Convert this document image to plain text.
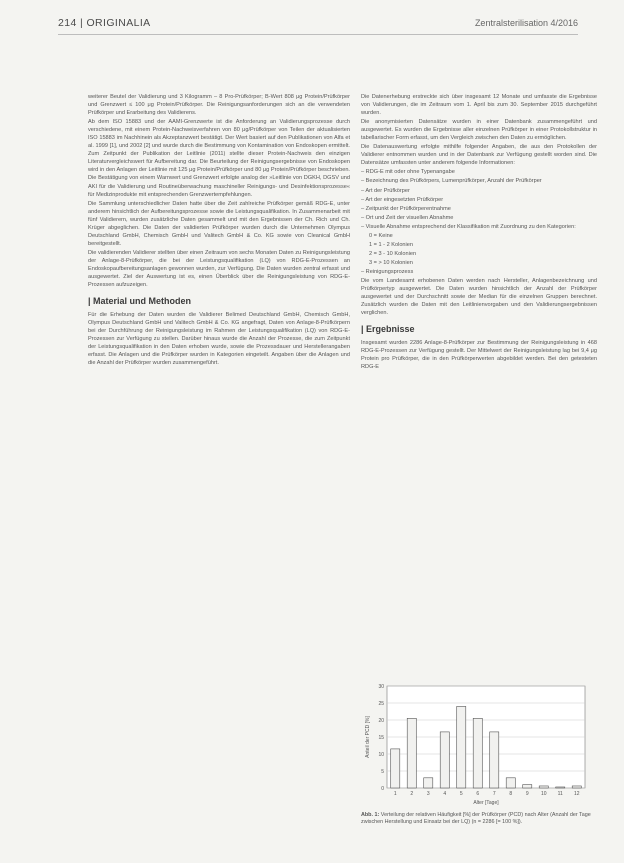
214 | ORIGINALIA	Zentralsterilisation 4/2016

weiterer Beutel der Validierung und 3 Kilogramm – 8 Pro-Prüfkörper; B-Wert 808 μg Protein/Prüfkörper und Grenzwert ≤ 100 μg Protein/Prüfkörper. Die Reinigungsanforderungen sich an die verwendeten Prüfkörper und Erarbeitung des Validierens.

Ab dem ISO 15883 und der AAMI-Grenzwerte ist die Anforderung an Validierungsprozesse durch verschiedene, mit einem Protein-Nachweisverfahren von 80 μg/Prüfkörper von Teilen der aktualisierten ISO 15883 im Nachhinein als Akzeptanzwert bestätigt. Der Wert basiert auf den Publikationen von Alfa et al. 1999 [1], und 2002 [2] und wurde durch die Bestimmung von Kontamination von Endoskopen ermittelt. Zum Zeitpunkt der Publikation der Leitlinie (2011) stellte dieser Protein-Nachweis den einzigen Literaturvergleichswert für Aufbereitung dar. Die Beurteilung der Reinigungsergebnisse von Endoskopen wird in den Anlagen der Leitlinie mit 125 μg Protein/Prüfkörper und 80 μg Protein/Prüfkörper beschrieben. Die Bestätigung von einem Warnwert und Grenzwert erfolgte analog der »Leitlinie von DGKH, DGSV und AKI für die Validierung und Routineüberwachung maschineller Reinigungs- und Desinfektionsprozesse« für Medizinprodukte mit entsprechenden Grenzwertempfehlungen.

Die Sammlung unterschiedlicher Daten hatte über die Zeit zahlreiche Prüfkörper gemäß RDG-E, unter anderem hinsichtlich der Aufbereitungsprozesse sowie die Leistungsqualifikation. In Zusammenarbeit mit fünf Validierern, wurden zusätzliche Daten gesammelt und mit den Ergebnissen der Ch. Rich und Ch. Krüger abgeglichen. Die Daten der validierten Prüfkörper wurden durch die Unternehmen Olympus Deutschland GmbH, Chemisch GmbH und Valitech GmbH & Co. KG sowie von Cleanical GmbH bereitgestellt.

Die validierenden Validierer stellten über einen Zeitraum von sechs Monaten Daten zu Reinigungsleistung der Anlage-8-Prüfkörper, die bei der Leistungsqualifikation (LQ) von RDG-E-Prozessen an Endoskopaufbereitungsanlagen gewonnen wurden, zur Verfügung. Die Daten wurden zentral erfasst und ausgewertet. Ziel der Auswertung ist es, einen Überblick über die Reinigungsleistung von RDG-E-Prozessen aufzuzeigen.

| Material und Methoden

Für die Erhebung der Daten wurden die Validierer Belimed Deutschland GmbH, Chemisch GmbH, Olympus Deutschland GmbH und Valitech GmbH & Co. KG angefragt, Daten von Anlage-8-Prüfkörpern bei der Durchführung der Reinigungsleistung im Rahmen der Leistungsqualifikation (LQ) von RDG-E-Prozessen zur Verfügung zu stellen. Darüber hinaus wurde die Anzahl der Prozesse, die zum Zeitpunkt der Leistungsqualifikation in den Daten erhoben wurde, sowie die Prozessdauer und Herstellerangaben erfasst. Die Anlagen und die Prüfkörper wurden in Kategorien eingeteilt. Angaben über die Anlagen und die Anzahl der Prüfkörper wurden zusammengeführt.

Die Datenerhebung erstreckte sich über insgesamt 12 Monate und umfasste die Ergebnisse von Validierungen, die im Zeitraum vom 1. April bis zum 30. September 2015 durchgeführt wurden.

Die anonymisierten Datensätze wurden in einer Datenbank zusammengeführt und ausgewertet. Es wurden die Ergebnisse aller einzelnen Prüfkörper in einer Protokollstruktur in tabellarischer Form erfasst, um den Vergleich zwischen den Daten zu ermöglichen.

Die Datenauswertung erfolgte mithilfe folgender Angaben, die aus den Protokollen der Validierer entnommen wurden und in der Datenbank zur Verfügung gestellt worden sind. Die Datensätze umfassten unter anderem folgende Informationen:

– RDG-E mit oder ohne Typenangabe

– Bezeichnung des Prüfkörpers, Lumenprüfkörper, Anzahl der Prüfkörper

– Art der Prüfkörper

– Art der eingesetzten Prüfkörper

– Zeitpunkt der Prüfkörperentnahme

– Ort und Zeit der visuellen Abnahme

– Visuelle Abnahme entsprechend der Klassifikation mit Zuordnung zu den Kategorien:

0 = Keine

1 = 1 - 2 Kolonien

2 = 3 - 10 Kolonien

3 = > 10 Kolonien

– Reinigungsprozess

Die vom Landesamt erhobenen Daten werden nach Hersteller, Anlagenbezeichnung und Prüfkörpertyp ausgewertet. Die Daten wurden hinsichtlich der Anzahl der Prüfkörper ausgewertet und der Durchschnitt sowie der Median für die einzelnen Gruppen berechnet. Zusätzlich wurden die Daten mit den Leitlinienvorgaben und den Validierungsergebnissen verglichen.

| Ergebnisse

Insgesamt wurden 2286 Anlage-8-Prüfkörper zur Bestimmung der Reinigungsleistung in 468 RDG-E-Prozessen zur Verfügung gestellt. Der Mittelwert der Reinigungsleistung lag bei 9,4 μg Protein pro Prüfkörper, die in den Prüfkörperwerten abgebildet werden. Bei den getesteten RDG-E

0
5
10
15
20
25
30
1	2	3	4	5	6	7	8	9 10 11 12
Alter [Tage]
Anteil der PCD [%]
Abb. 1: Verteilung der relativen Häufigkeit [%] der Prüfkörper (PCD) nach Alter (Anzahl der Tage zwischen Herstellung und Einsatz bei der LQ) (n = 2286 [= 100 %]).
